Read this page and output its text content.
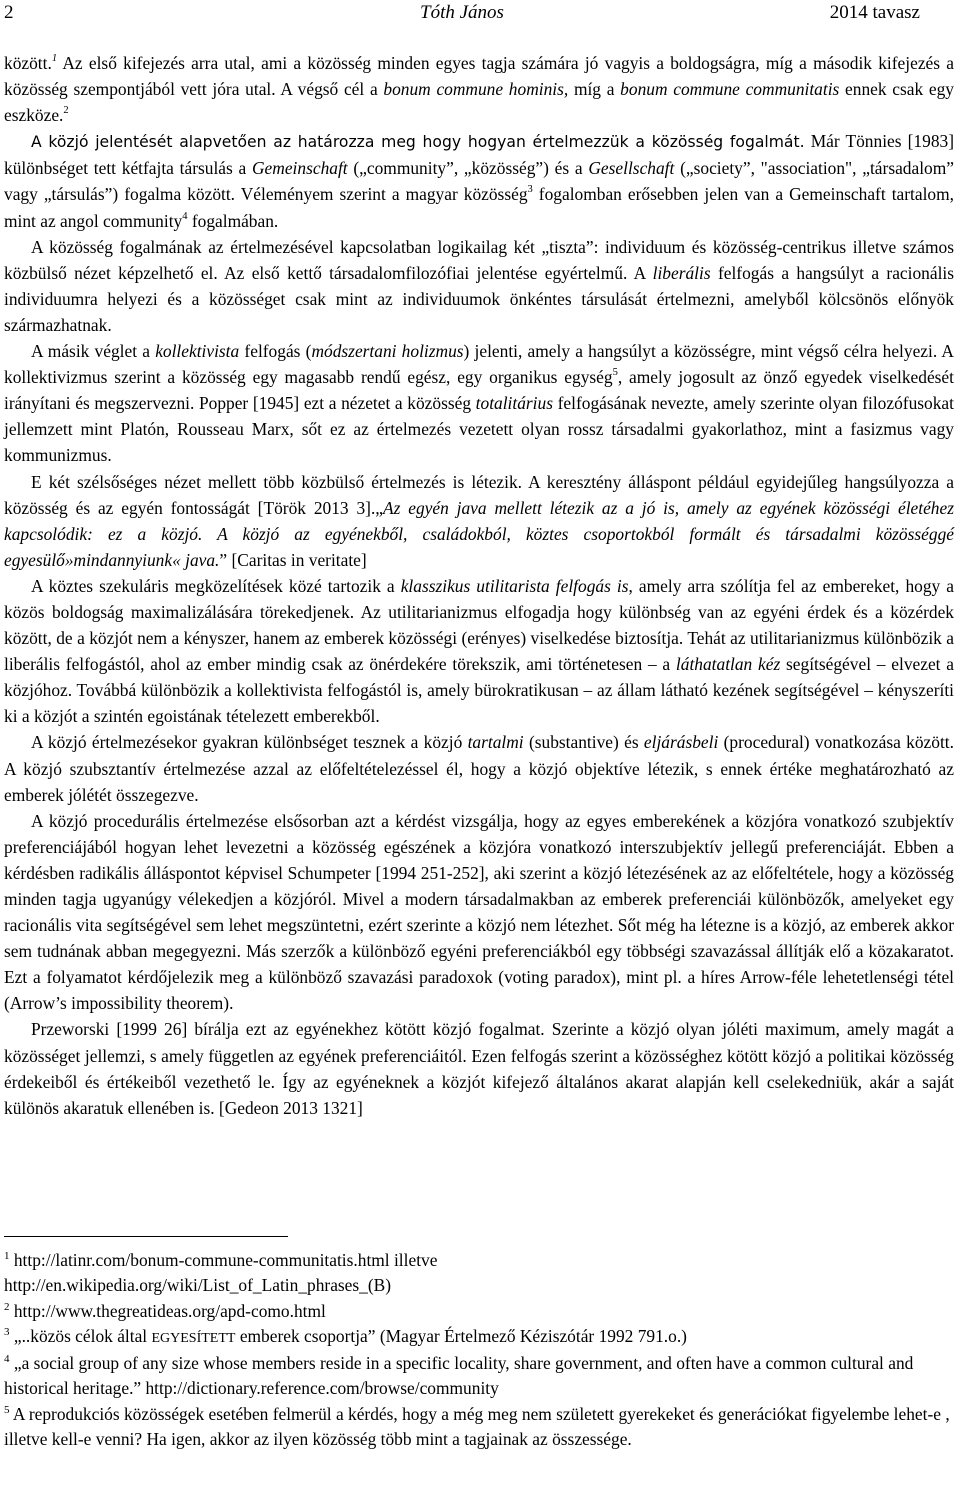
2	Tóth János	2014 tavasz

között.$^1$ Az első kifejezés arra utal, ami a közösség minden egyes tagja számára jó vagyis a boldogságra, míg a második kifejezés a közösség szempontjából vett jóra utal. A végső cél a bonum commune hominis, míg a bonum commune communitatis ennek csak egy eszköze.$^2$

A közjó jelentését alapvetően az határozza meg hogy hogyan értelmezzük a közösség fogalmát. Már Tönnies [1983] különbséget tett kétfajta társulás a Gemeinschaft („community”, „közösség”) és a Gesellschaft („society”, "association", „társadalom” vagy „társulás”) fogalma között. Véleményem szerint a magyar közösség$^3$ fogalomban erősebben jelen van a Gemeinschaft tartalom, mint az angol community$^4$ fogalmában.

A közösség fogalmának az értelmezésével kapcsolatban logikailag két „tiszta”: individuum és közösség-centrikus illetve számos közbülső nézet képzelhető el. Az első kettő társadalomfilozófiai jelentése egyértelmű. A liberális felfogás a hangsúlyt a racionális individuumra helyezi és a közösséget csak mint az individuumok önkéntes társulását értelmezni, amelyből kölcsönös előnyök származhatnak.

A másik véglet a kollektivista felfogás (módszertani holizmus) jelenti, amely a hangsúlyt a közösségre, mint végső célra helyezi. A kollektivizmus szerint a közösség egy magasabb rendű egész, egy organikus egység$^5$, amely jogosult az önző egyedek viselkedését irányítani és megszervezni. Popper [1945] ezt a nézetet a közösség totalitárius felfogásának nevezte, amely szerinte olyan filozófusokat jellemzett mint Platón, Rousseau Marx, sőt ez az értelmezés vezetett olyan rossz társadalmi gyakorlathoz, mint a fasizmus vagy kommunizmus.

E két szélsőséges nézet mellett több közbülső értelmezés is létezik. A keresztény álláspont például egyidejűleg hangsúlyozza a közösség és az egyén fontosságát [Török 2013 3].„Az egyén java mellett létezik az a jó is, amely az egyének közösségi életéhez kapcsolódik: ez a közjó. A közjó az egyénekből, családokból, köztes csoportokból formált és társadalmi közösséggé egyesülő»mindannyiunk« java.” [Caritas in veritate]

A köztes szekuláris megközelítések közé tartozik a klasszikus utilitarista felfogás is, amely arra szólítja fel az embereket, hogy a közös boldogság maximalizálására törekedjenek. Az utilitarianizmus elfogadja hogy különbség van az egyéni érdek és a közérdek között, de a közjót nem a kényszer, hanem az emberek közösségi (erényes) viselkedése biztosítja. Tehát az utilitarianizmus különbözik a liberális felfogástól, ahol az ember mindig csak az önérdekére törekszik, ami történetesen – a láthatatlan kéz segítségével – elvezet a közjóhoz. Továbbá különbözik a kollektivista felfogástól is, amely bürokratikusan – az állam látható kezének segítségével – kényszeríti ki a közjót a szintén egoistának tételezett emberekből.

A közjó értelmezésekor gyakran különbséget tesznek a közjó tartalmi (substantive) és eljárásbeli (procedural) vonatkozása között. A közjó szubsztantív értelmezése azzal az előfeltételezéssel él, hogy a közjó objektíve létezik, s ennek értéke meghatározható az emberek jólétét összegezve.

A közjó procedurális értelmezése elsősorban azt a kérdést vizsgálja, hogy az egyes emberekének a közjóra vonatkozó szubjektív preferenciájából hogyan lehet levezetni a közösség egészének a közjóra vonatkozó interszubjektív jellegű preferenciáját. Ebben a kérdésben radikális álláspontot képvisel Schumpeter [1994 251-252], aki szerint a közjó létezésének az az előfeltétele, hogy a közösség minden tagja ugyanúgy vélekedjen a közjóról. Mivel a modern társadalmakban az emberek preferenciái különbözők, amelyeket egy racionális vita segítségével sem lehet megszüntetni, ezért szerinte a közjó nem létezhet. Sőt még ha létezne is a közjó, az emberek akkor sem tudnának abban megegyezni. Más szerzők a különböző egyéni preferenciákból egy többségi szavazással állítják elő a közakaratot. Ezt a folyamatot kérdőjelezik meg a különböző szavazási paradoxok (voting paradox), mint pl. a híres Arrow-féle lehetetlenségi tétel (Arrow’s impossibility theorem).

Przeworski [1999 26] bírálja ezt az egyénekhez kötött közjó fogalmat. Szerinte a közjó olyan jóléti maximum, amely magát a közösséget jellemzi, s amely független az egyének preferenciáitól. Ezen felfogás szerint a közösséghez kötött közjó a politikai közösség érdekeiből és értékeiből vezethető le. Így az egyéneknek a közjót kifejező általános akarat alapján kell cselekedniük, akár a saját különös akaratuk ellenében is. [Gedeon 2013 1321]

$^1$ http://latinr.com/bonum-commune-communitatis.html illetve

http://en.wikipedia.org/wiki/List_of_Latin_phrases_(B)

$^2$ http://www.thegreatideas.org/apd-como.html

$^3$ „..közös célok által EGYESÍTETT emberek csoportja” (Magyar Értelmező Kéziszótár 1992 791.o.)

$^4$ „a social group of any size whose members reside in a specific locality, share government, and often have a common cultural and historical heritage.” http://dictionary.reference.com/browse/community

$^5$ A reprodukciós közösségek esetében felmerül a kérdés, hogy a még meg nem született gyerekeket és generációkat figyelembe lehet-e , illetve kell-e venni? Ha igen, akkor az ilyen közösség több mint a tagjainak az összessége.
